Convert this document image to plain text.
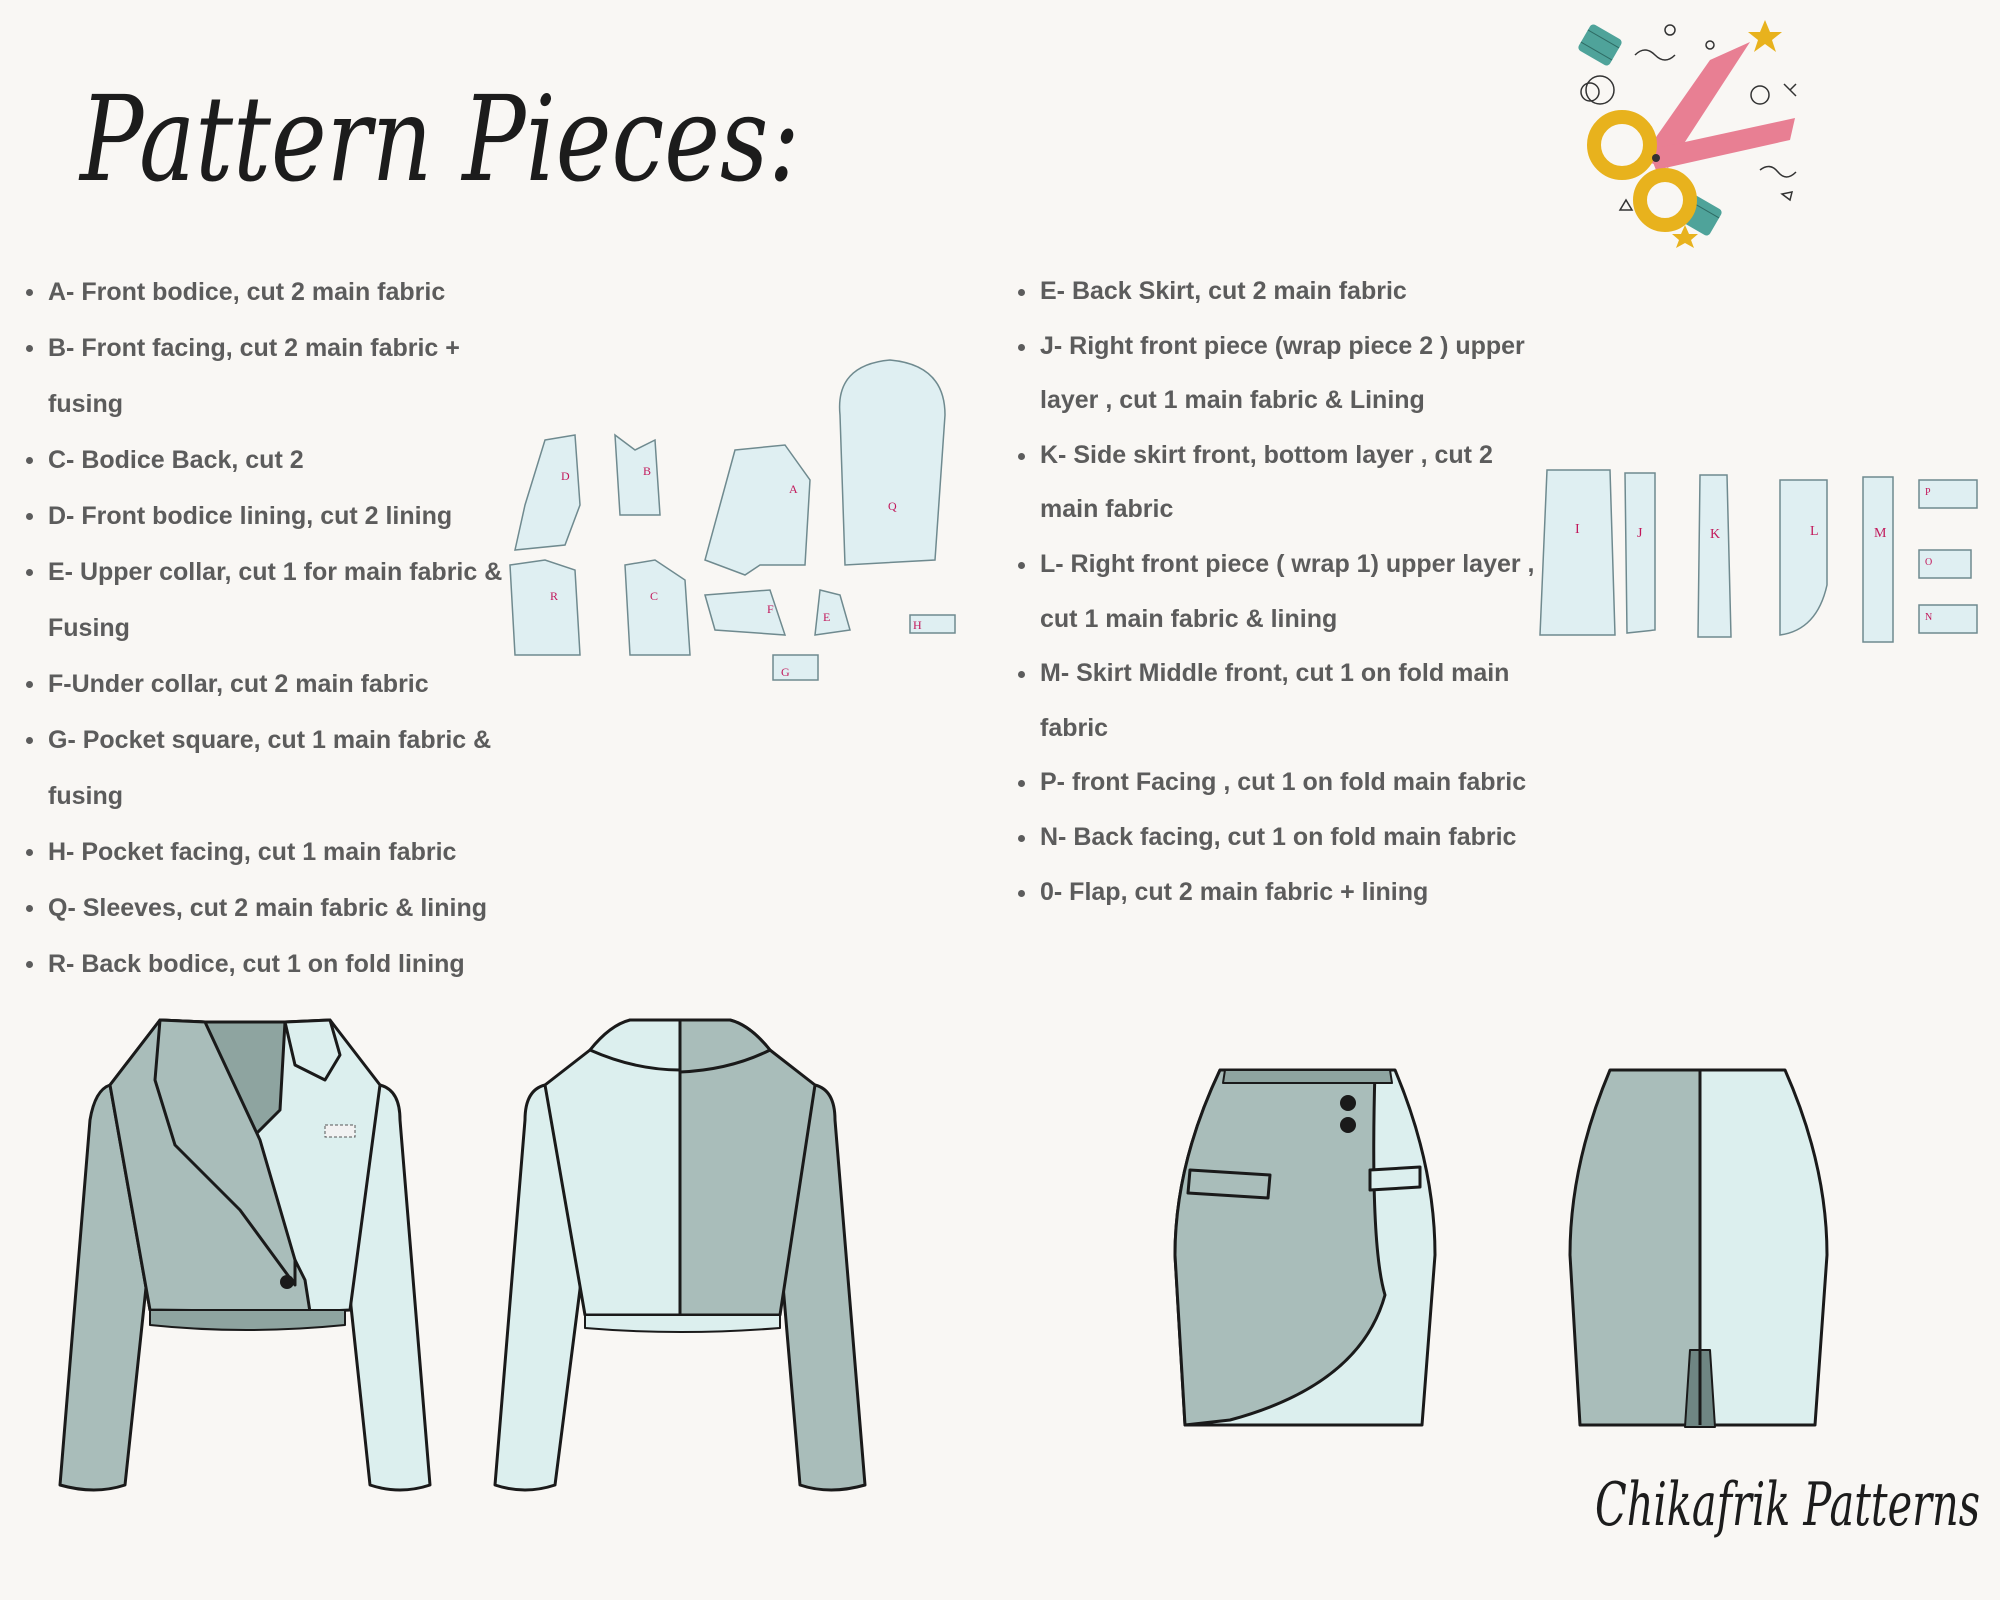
Pattern Pieces:
A- Front bodice, cut 2 main fabric
B- Front facing, cut 2 main fabric + fusing
C- Bodice Back, cut 2
D- Front bodice lining, cut 2 lining
E- Upper collar, cut 1 for main fabric & Fusing
F-Under collar, cut 2 main fabric
G- Pocket square, cut 1 main fabric & fusing
H- Pocket facing, cut 1 main fabric
Q- Sleeves, cut 2 main fabric & lining
R- Back bodice, cut 1 on fold lining
E- Back Skirt, cut 2 main fabric
J- Right front piece (wrap piece 2 ) upper layer , cut 1 main fabric & Lining
K- Side skirt front, bottom layer , cut 2 main fabric
L- Right front piece ( wrap 1) upper layer , cut 1 main fabric & lining
M- Skirt Middle front, cut 1 on fold main fabric
P- front Facing , cut 1 on fold main fabric
N- Back facing, cut 1 on fold main fabric
0- Flap, cut 2 main fabric + lining
D	B
A
Q
R	C
F
E
H
G
I	J	K	L	M
P
O
N
Chikafrik Patterns
